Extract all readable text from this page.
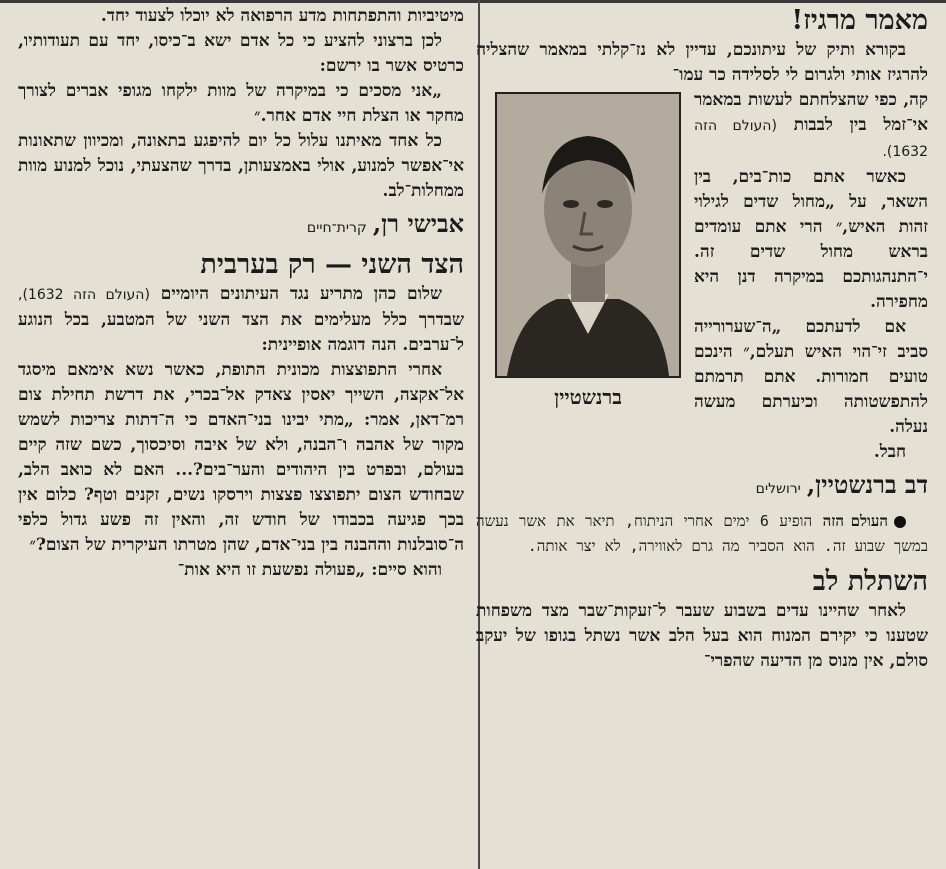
מאמר מרגיז!

בקורא ותיק של עיתונכם, עדיין לא נז־קלתי במאמר שהצליח להרגיז אותי ולגרום לי לסלידה כר עמו־

ברנשטיין

קה, כפי שהצלחתם לעשות במאמר אי־זמל בין לבבות (העולם הזה 1632).

כאשר אתם כות־בים, בין השאר, על „מחול שדים לגילוי זהות האיש,״ הרי אתם עומדים בראש מחול שדים זה. י־התנהגותכם במיקרה דנן היא מחפירה.

אם לדעתכם „ה־שערורייה סביב זי־הוי האיש תעלם,״ הינכם טועים חמורות. אתם תרמתם להתפשטותה וכיערתם מעשה נעלה.

חבל.

דב ברנשטיין,ירושלים

העולם הזה הופיע 6 ימים אחרי הניתוח, תיאר את אשר נעשה במשך שבוע זה. הוא הסביר מה גרם לאווירה, לא יצר אותה.

השתלת לב

לאחר שהיינו עדים בשבוע שעבר ל־זעקות־שבר מצד משפחות שטענו כי יקירם המנוח הוא בעל הלב אשר נשתל בגופו של יעקב סולם, אין מנוס מן הדיעה שהפרי־

מיטיביות והתפתחות מדע הרפואה לא יוכלו לצעוד יחד.

לכן ברצוני להציע כי כל אדם ישא ב־כיסו, יחד עם תעודותיו, כרטיס אשר בו ירשם:

„אני מסכים כי במיקרה של מוות ילקחו מגופי אברים לצורך מחקר או הצלת חיי אדם אחר.״

כל אחד מאיתנו עלול כל יום להיפגע בתאונה, ומכיוון שתאונות אי־אפשר למנוע, אולי באמצעותן, בדרך שהצעתי, נוכל למנוע מוות ממחלות־לב.

אבישי רן,קרית־חיים
הצד השני — רק בערבית

שלום כהן מתריע נגד העיתונים היומיים (העולם הזה 1632), שבדרך כלל מעלימים את הצד השני של המטבע, בכל הנוגע ל־ערבים. הנה דוגמה אופיינית:

אחרי התפוצצות מכונית התופת, כאשר נשא אימאם מיסגד אל־אקצה, השייך יאסין צאדק אל־בכרי, את דרשת תחילת צום רמ־דאן, אמר: „מתי יבינו בני־האדם כי ה־דתות צריכות לשמש מקור של אהבה ו־הבנה, ולא של איבה וסיכסוך, כשם שזה קיים בעולם, ובפרט בין היהודים והער־בים?... האם לא כואב הלב, שבחודש הצום יתפוצצו פצצות וירסקו נשים, זקנים וטף? כלום אין בכך פגיעה בכבודו של חודש זה, והאין זה פשע גדול כלפי ה־סובלנות וההבנה בין בני־אדם, שהן מטרתו העיקרית של הצום?״

והוא סיים: „פעולה נפשעת זו היא אות־
